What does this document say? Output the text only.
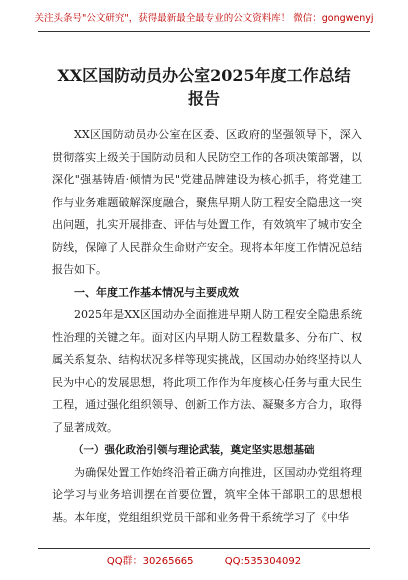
关注头条号"公文研究"，获得最新最全最专业的公文资料库！ 微信：gongwenyj
XX区国防动员办公室2025年度工作总结
报告

XX区国防动员办公室在区委、区政府的坚强领导下，深入贯彻落实上级关于国防动员和人民防空工作的各项决策部署，以深化"强基铸盾·倾情为民"党建品牌建设为核心抓手，将党建工作与业务难题破解深度融合，聚焦早期人防工程安全隐患这一突出问题，扎实开展排查、评估与处置工作，有效筑牢了城市安全防线，保障了人民群众生命财产安全。现将本年度工作情况总结报告如下。

一、年度工作基本情况与主要成效

2025年是XX区国动办全面推进早期人防工程安全隐患系统性治理的关键之年。面对区内早期人防工程数量多、分布广、权属关系复杂、结构状况多样等现实挑战，区国动办始终坚持以人民为中心的发展思想，将此项工作作为年度核心任务与重大民生工程，通过强化组织领导、创新工作方法、凝聚多方合力，取得了显著成效。

（一）强化政治引领与理论武装，奠定坚实思想基础

为确保处置工作始终沿着正确方向推进，区国动办党组将理论学习与业务培训摆在首要位置，筑牢全体干部职工的思想根基。本年度，党组组织党员干部和业务骨干系统学习了《中华

QQ群：30265665	QQ:535304092
